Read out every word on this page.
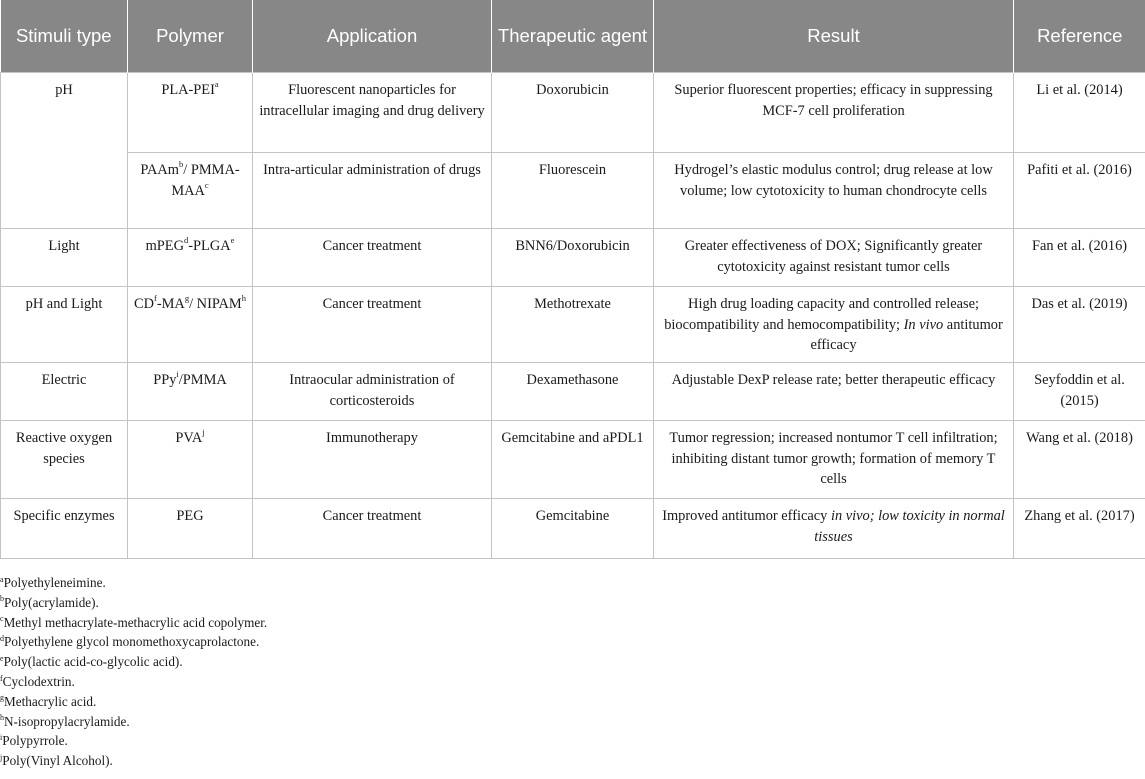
Stimuli type	Polymer	Application	Therapeutic agent	Result	Reference
pH	PLA-PEI$^a$	Fluorescent nanoparticles for intracellular imaging and drug delivery	Doxorubicin	Superior fluorescent properties; efficacy in suppressing MCF-7 cell proliferation	Li et al. (2014)
	PAAm$^b$/ PMMA-MAA$^c$	Intra-articular administration of drugs	Fluorescein	Hydrogel’s elastic modulus control; drug release at low volume; low cytotoxicity to human chondrocyte cells	Pafiti et al. (2016)
Light	mPEG$^d$-PLGA$^e$	Cancer treatment	BNN6/Doxorubicin	Greater effectiveness of DOX; Significantly greater cytotoxicity against resistant tumor cells	Fan et al. (2016)
pH and Light	$CD^f-MA^g/$ NIPAM$^h$	Cancer treatment	Methotrexate	High drug loading capacity and controlled release; biocompatibility and hemocompatibility; In vivo antitumor efficacy	Das et al. (2019)
Electric	PPy$^i$/PMMA	Intraocular administration of corticosteroids	Dexamethasone	Adjustable DexP release rate; better therapeutic efficacy	Seyfoddin et al. (2015)
Reactive oxygen species	PVA$^j$	Immunotherapy	Gemcitabine and aPDL1	Tumor regression; increased nontumor T cell infiltration; inhibiting distant tumor growth; formation of memory T cells	Wang et al. (2018)
Specific enzymes	PEG	Cancer treatment	Gemcitabine	Improved antitumor efficacy in vivo; low toxicity in normal tissues	Zhang et al. (2017)
$^a$Polyethyleneimine.
$^b$Poly(acrylamide).
$^c$Methyl methacrylate-methacrylic acid copolymer.
$^d$Polyethylene glycol monomethoxycaprolactone.
$^e$Poly(lactic acid-co-glycolic acid).
$^f$Cyclodextrin.
$^g$Methacrylic acid.
$^h$N-isopropylacrylamide.
$^i$Polypyrrole.
$^j$Poly(Vinyl Alcohol).
